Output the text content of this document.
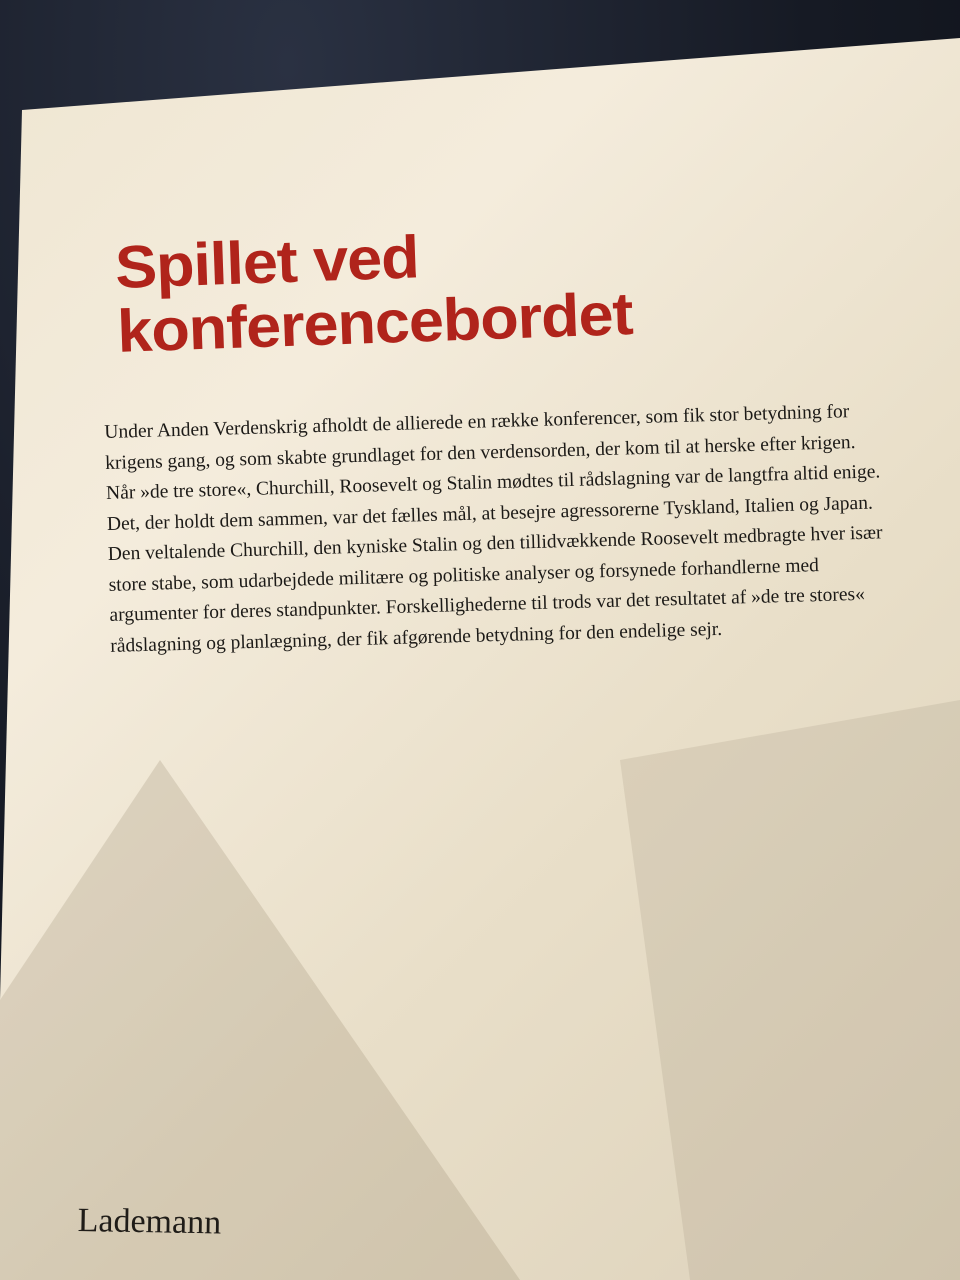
Spillet ved
konferencebordet

Under Anden Verdenskrig afholdt de allierede en række konferencer, som fik stor betydning for krigens gang, og som skabte grundlaget for den verdensorden, der kom til at herske efter krigen.

Når »de tre store«, Churchill, Roosevelt og Stalin mødtes til rådslagning var de langtfra altid enige. Det, der holdt dem sammen, var det fælles mål, at besejre agressorerne Tyskland, Italien og Japan.

Den veltalende Churchill, den kyniske Stalin og den tillidvækkende Roosevelt medbragte hver især store stabe, som udarbejdede militære og politiske analyser og forsynede forhandlerne med argumenter for deres standpunkter. Forskellighederne til trods var det resultatet af »de tre stores« rådslagning og planlægning, der fik afgørende betydning for den endelige sejr.

Lademann
